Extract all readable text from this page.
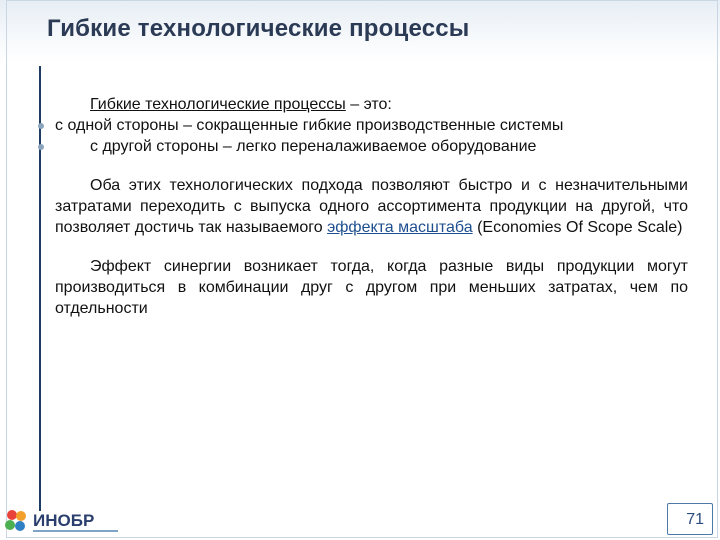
Гибкие технологические процессы

Гибкие технологические процессы – это:

с одной стороны – сокращенные гибкие производственные системы

с другой стороны – легко переналаживаемое оборудование

Оба этих технологических подхода позволяют быстро и с незначительными затратами переходить с выпуска одного ассортимента продукции на другой, что позволяет достичь так называемого эффекта масштаба (Economies Of Scope Scale)

Эффект синергии возникает тогда, когда разные виды продукции могут производиться в комбинации друг с другом при меньших затратах, чем по отдельности

ИНОБР	71
